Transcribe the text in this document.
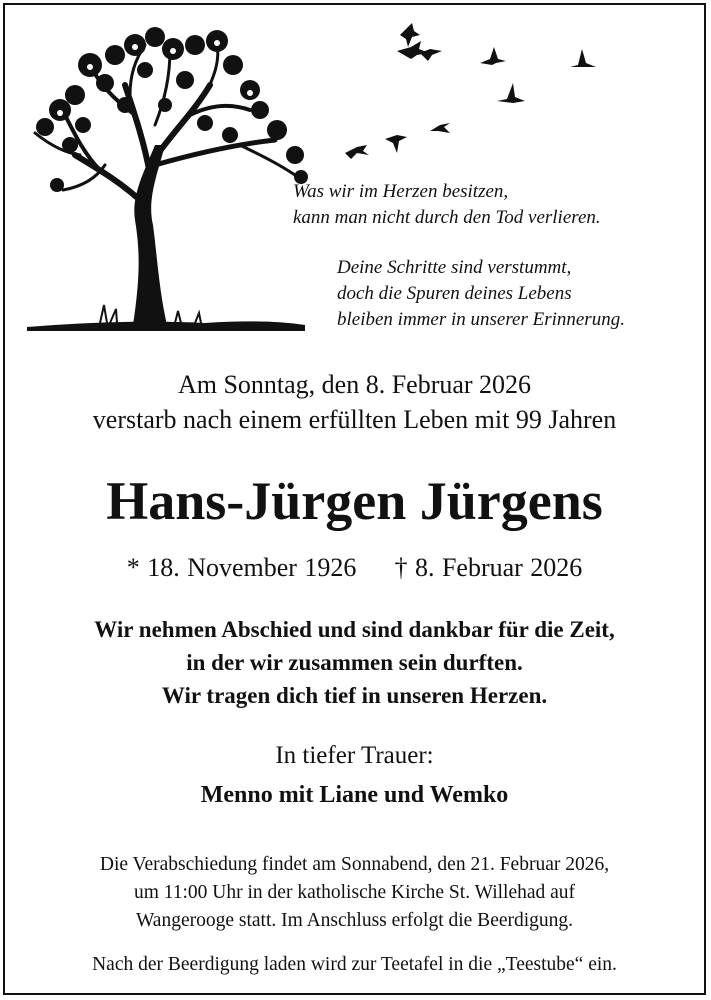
Was wir im Herzen besitzen,
kann man nicht durch den Tod verlieren.
Deine Schritte sind verstummt,
doch die Spuren deines Lebens
bleiben immer in unserer Erinnerung.
Am Sonntag, den 8. Februar 2026
verstarb nach einem erfüllten Leben mit 99 Jahren
Hans-Jürgen Jürgens
* 18. November 1926 † 8. Februar 2026
Wir nehmen Abschied und sind dankbar für die Zeit,
in der wir zusammen sein durften.
Wir tragen dich tief in unseren Herzen.
In tiefer Trauer:
Menno mit Liane und Wemko
Die Verabschiedung findet am Sonnabend, den 21. Februar 2026,
um 11:00 Uhr in der katholische Kirche St. Willehad auf
Wangerooge statt. Im Anschluss erfolgt die Beerdigung.
Nach der Beerdigung laden wird zur Teetafel in die „Teestube“ ein.
